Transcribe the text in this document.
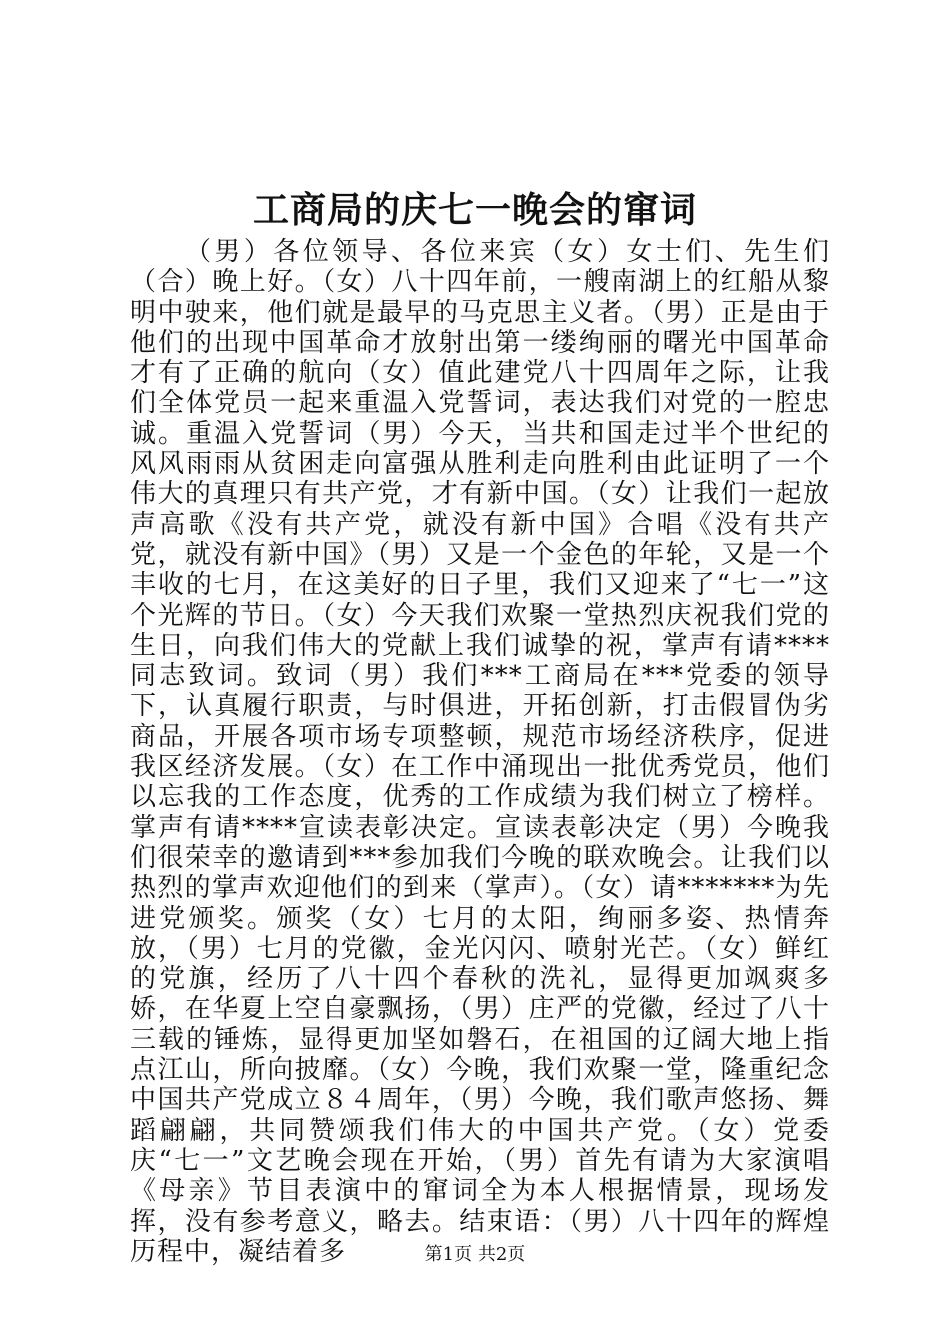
工商局的庆七一晚会的窜词

（男）各位领导、各位来宾（女）女士们、先生们（合）晚上好。（女）八十四年前，一艘南湖上的红船从黎明中驶来，他们就是最早的马克思主义者。（男）正是由于他们的出现中国革命才放射出第一缕绚丽的曙光中国革命才有了正确的航向（女）值此建党八十四周年之际，让我们全体党员一起来重温入党誓词，表达我们对党的一腔忠诚。重温入党誓词（男）今天，当共和国走过半个世纪的风风雨雨从贫困走向富强从胜利走向胜利由此证明了一个伟大的真理只有共产党，才有新中国。（女）让我们一起放声高歌《没有共产党，就没有新中国》合唱《没有共产党，就没有新中国》（男）又是一个金色的年轮，又是一个丰收的七月，在这美好的日子里，我们又迎来了“七一”这个光辉的节日。（女）今天我们欢聚一堂热烈庆祝我们党的生日，向我们伟大的党献上我们诚挚的祝，掌声有请****同志致词。致词（男）我们***工商局在***党委的领导下，认真履行职责，与时俱进，开拓创新，打击假冒伪劣商品，开展各项市场专项整顿，规范市场经济秩序，促进我区经济发展。（女）在工作中涌现出一批优秀党员，他们以忘我的工作态度，优秀的工作成绩为我们树立了榜样。掌声有请****宣读表彰决定。宣读表彰决定（男）今晚我们很荣幸的邀请到***参加我们今晚的联欢晚会。让我们以热烈的掌声欢迎他们的到来（掌声）。（女）请*******为先进党颁奖。颁奖（女）七月的太阳，绚丽多姿、热情奔放，（男）七月的党徽，金光闪闪、喷射光芒。（女）鲜红的党旗，经历了八十四个春秋的洗礼，显得更加飒爽多娇，在华夏上空自豪飘扬，（男）庄严的党徽，经过了八十三载的锤炼，显得更加坚如磐石，在祖国的辽阔大地上指点江山，所向披靡。（女）今晚，我们欢聚一堂，隆重纪念中国共产党成立８４周年，（男）今晚，我们歌声悠扬、舞蹈翩翩，共同赞颂我们伟大的中国共产党。（女）党委庆“七一”文艺晚会现在开始，（男）首先有请为大家演唱《母亲》节目表演中的窜词全为本人根据情景，现场发挥，没有参考意义，略去。结束语：（男）八十四年的辉煌历程中，凝结着多	第1页 共2页
